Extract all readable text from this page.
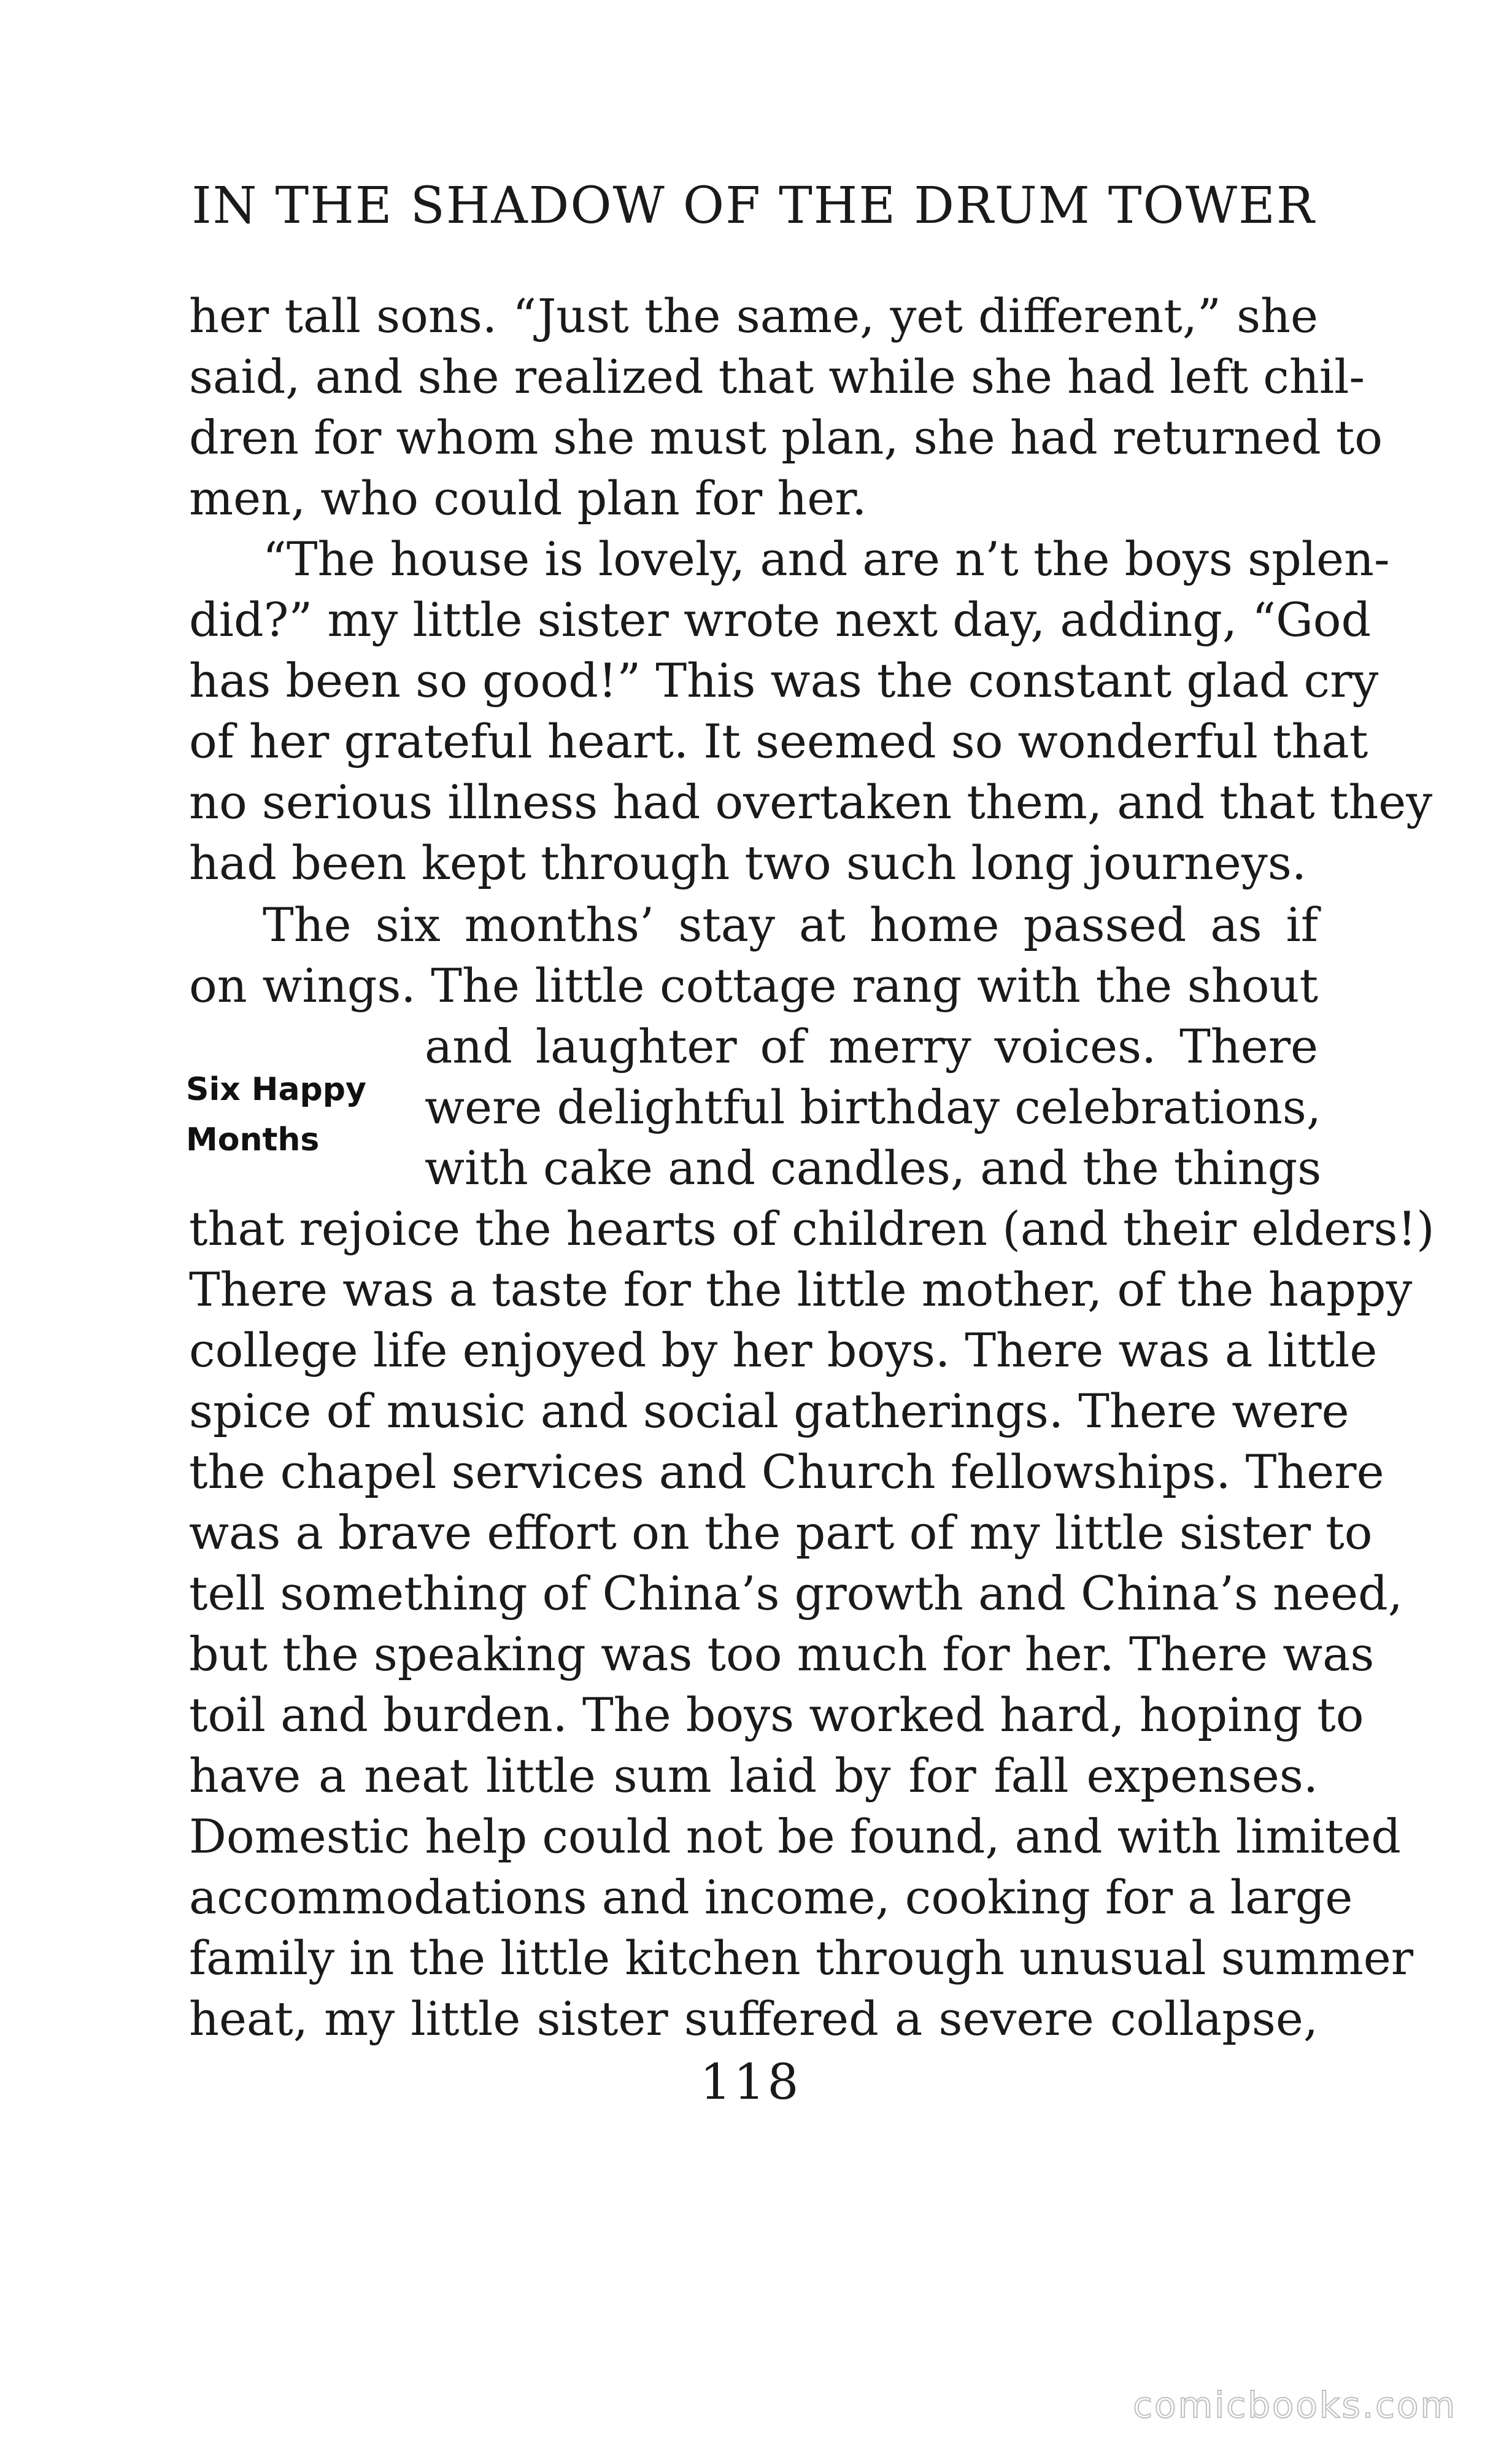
IN THE SHADOW OF THE DRUM TOWER
her tall sons. “Just the same, yet different,” she
said, and she realized that while she had left chil-
dren for whom she must plan, she had returned to
men, who could plan for her.
“The house is lovely, and are n’t the boys splen-
did?” my little sister wrote next day, adding, “God
has been so good!” This was the constant glad cry
of her grateful heart. It seemed so wonderful that
no serious illness had overtaken them, and that they
had been kept through two such long journeys.
The six months’ stay at home passed as if
on wings. The little cottage rang with the shout
and laughter of merry voices. There
were delightful birthday celebrations,
with cake and candles, and the things
that rejoice the hearts of children (and their elders!)
There was a taste for the little mother, of the happy
college life enjoyed by her boys. There was a little
spice of music and social gatherings. There were
the chapel services and Church fellowships. There
was a brave effort on the part of my little sister to
tell something of China’s growth and China’s need,
but the speaking was too much for her. There was
toil and burden. The boys worked hard, hoping to
have a neat little sum laid by for fall expenses.
Domestic help could not be found, and with limited
accommodations and income, cooking for a large
family in the little kitchen through unusual summer
heat, my little sister suffered a severe collapse,
Six Happy
Months
118
comicbooks.com
